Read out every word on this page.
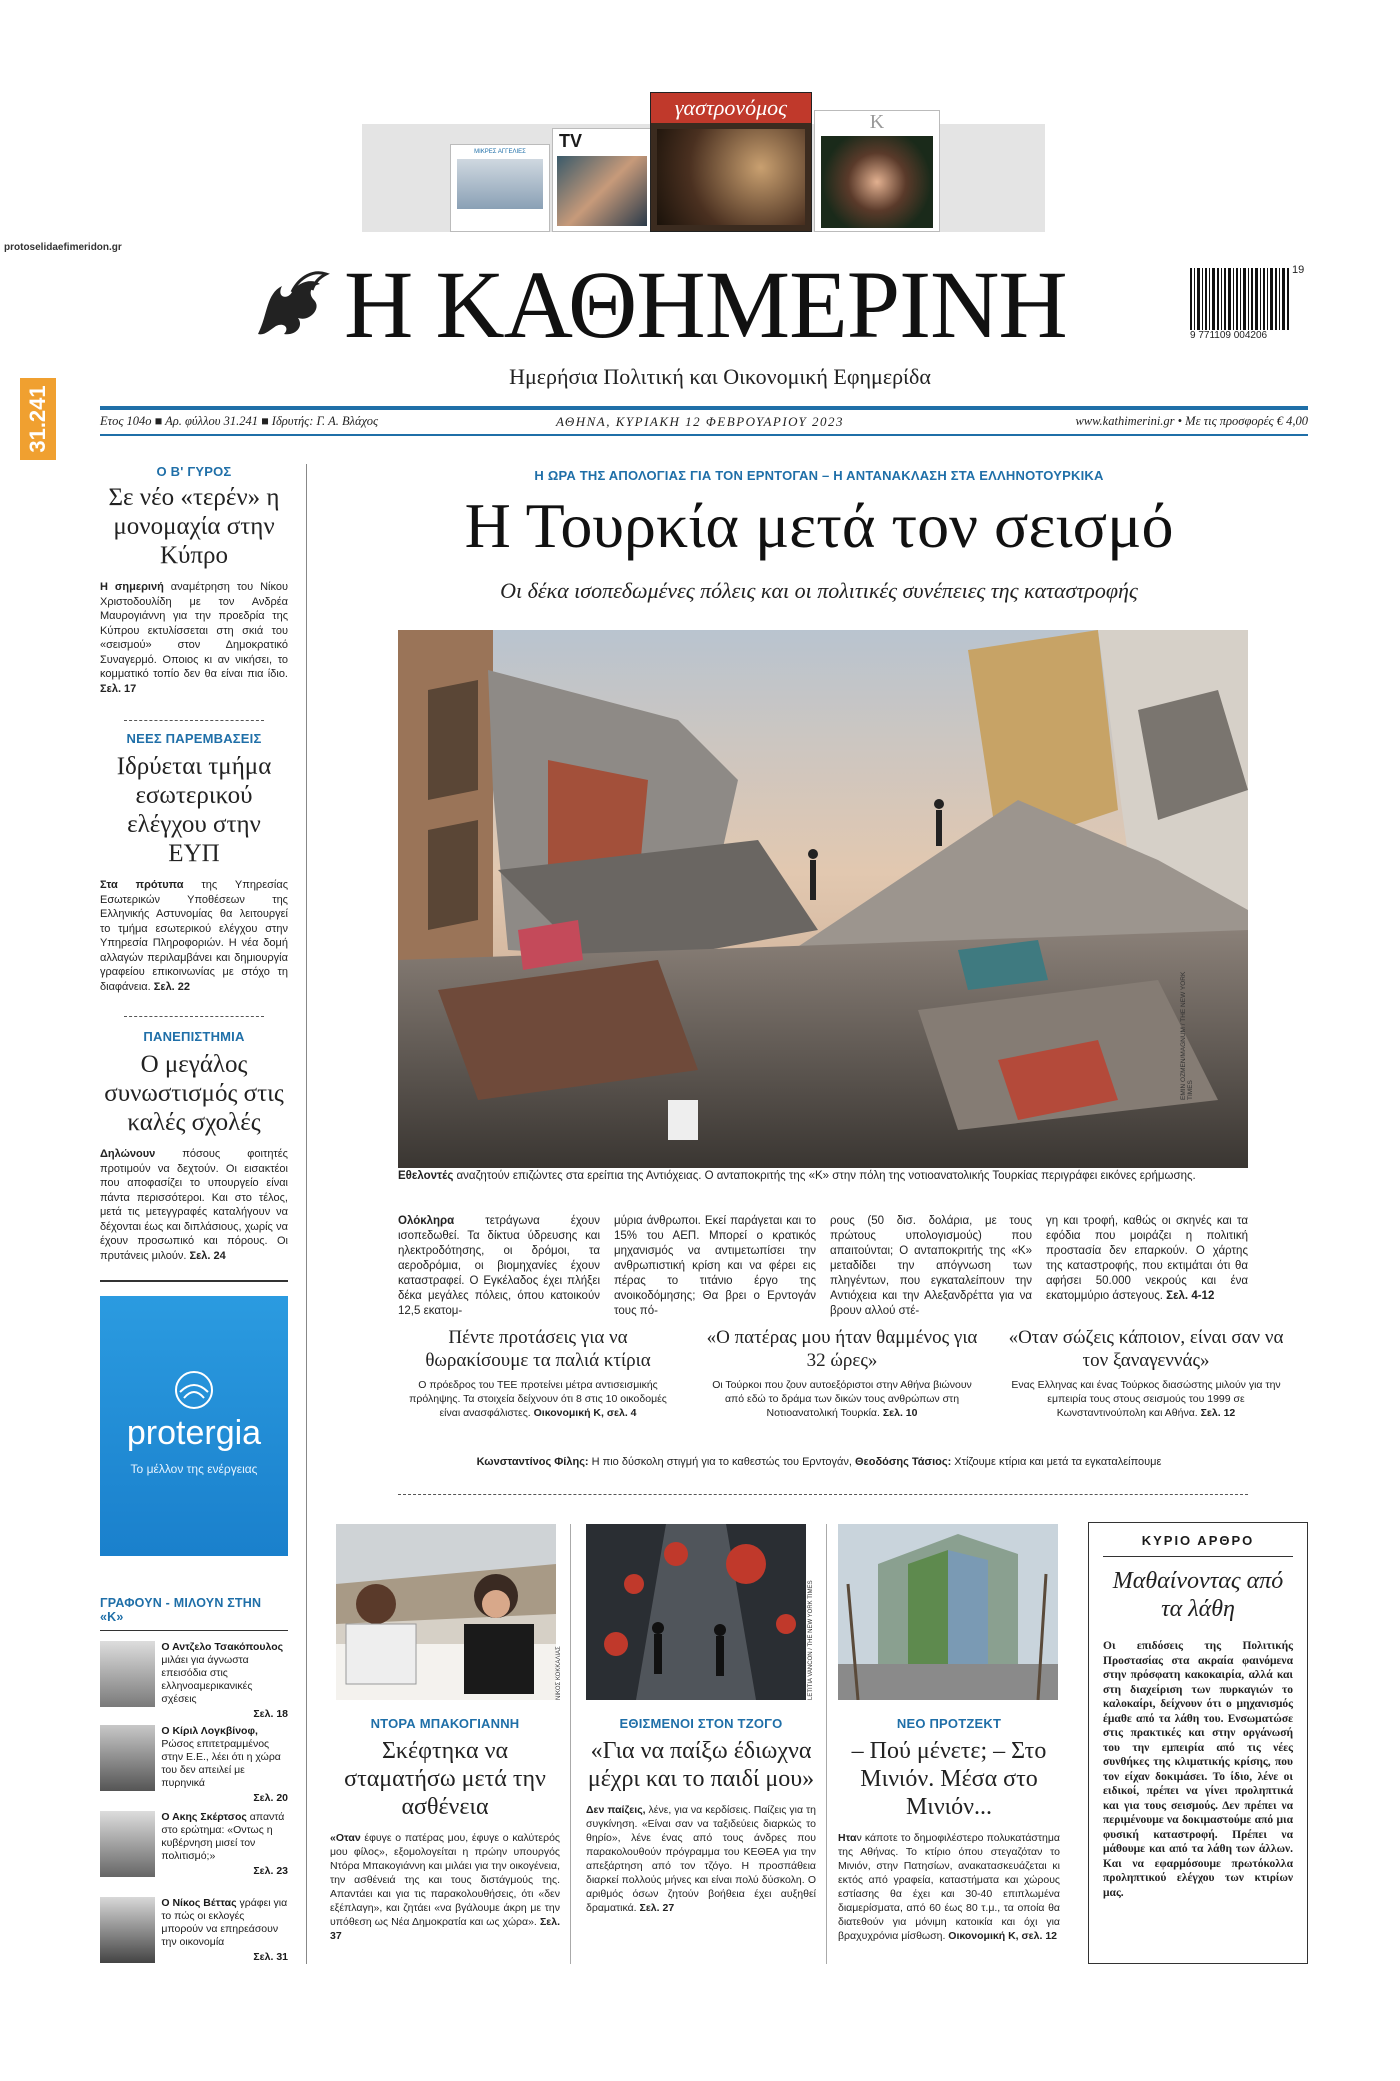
protoselidaefimeridon.gr
31.241
ΜΙΚΡΕΣ ΑΓΓΕΛΙΕΣ
TV
γαστρονόμος
Κ
Η ΚΑΘΗΜΕΡΙΝΗ
Ημερήσια Πολιτική και Οικονομική Εφημερίδα
9 771109 004206
19
Ετος 104ο ■ Αρ. φύλλου 31.241 ■ Ιδρυτής: Γ. Α. Βλάχος	ΑΘΗΝΑ, ΚΥΡΙΑΚΗ 12 ΦΕΒΡΟΥΑΡΙΟΥ 2023	www.kathimerini.gr • Με τις προσφορές € 4,00
Ο Β' ΓΥΡΟΣ
Σε νέο «τερέν» η μονομαχία στην Κύπρο
Η σημερινή αναμέτρηση του Νίκου Χριστοδουλίδη με τον Ανδρέα Μαυρογιάννη για την προεδρία της Κύπρου εκτυλίσσεται στη σκιά του «σεισμού» στον Δημοκρατικό Συναγερμό. Οποιος κι αν νικήσει, το κομματικό τοπίο δεν θα είναι πια ίδιο. Σελ. 17
ΝΕΕΣ ΠΑΡΕΜΒΑΣΕΙΣ
Ιδρύεται τμήμα εσωτερικού ελέγχου στην ΕΥΠ
Στα πρότυπα της Υπηρεσίας Εσωτερικών Υποθέσεων της Ελληνικής Αστυνομίας θα λειτουργεί το τμήμα εσωτερικού ελέγχου στην Υπηρεσία Πληροφοριών. Η νέα δομή αλλαγών περιλαμβάνει και δημιουργία γραφείου επικοινωνίας με στόχο τη διαφάνεια. Σελ. 22
ΠΑΝΕΠΙΣΤΗΜΙΑ
Ο μεγάλος συνωστισμός στις καλές σχολές
Δηλώνουν πόσους φοιτητές προτιμούν να δεχτούν. Οι εισακτέοι που αποφασίζει το υπουργείο είναι πάντα περισσότεροι. Και στο τέλος, μετά τις μετεγγραφές καταλήγουν να δέχονται έως και διπλάσιους, χωρίς να έχουν προσωπικό και πόρους. Οι πρυτάνεις μιλούν. Σελ. 24
protergia
Το μέλλον της ενέργειας
ΓΡΑΦΟΥΝ - ΜΙΛΟΥΝ ΣΤΗΝ «Κ»
Ο Αντζελο Τσακόπουλος μιλάει για άγνωστα επεισόδια στις ελληνοαμερικανικές σχέσεις
Σελ. 18
Ο Κίριλ Λογκβίνοφ, Ρώσος επιτετραμμένος στην Ε.Ε., λέει ότι η χώρα του δεν απειλεί με πυρηνικά
Σελ. 20
Ο Ακης Σκέρτσος απαντά στο ερώτημα: «Οντως η κυβέρνηση μισεί τον πολιτισμό;»
Σελ. 23
Ο Νίκος Βέττας γράφει για το πώς οι εκλογές μπορούν να επηρεάσουν την οικονομία
Σελ. 31
Η ΩΡΑ ΤΗΣ ΑΠΟΛΟΓΙΑΣ ΓΙΑ ΤΟΝ ΕΡΝΤΟΓΑΝ – Η ΑΝΤΑΝΑΚΛΑΣΗ ΣΤΑ ΕΛΛΗΝΟΤΟΥΡΚΙΚΑ
Η Τουρκία μετά τον σεισμό
Οι δέκα ισοπεδωμένες πόλεις και οι πολιτικές συνέπειες της καταστροφής
EMIN OZMEN/MAGNUM / THE NEW YORK TIMES
Εθελοντές αναζητούν επιζώντες στα ερείπια της Αντιόχειας. Ο ανταποκριτής της «Κ» στην πόλη της νοτιοανατολικής Τουρκίας περιγράφει εικόνες ερήμωσης.
Ολόκληρα τετράγωνα έχουν ισοπεδωθεί. Τα δίκτυα ύδρευσης και ηλεκτροδότησης, οι δρόμοι, τα αεροδρόμια, οι βιομηχανίες έχουν καταστραφεί. Ο Εγκέλαδος έχει πλήξει δέκα μεγάλες πόλεις, όπου κατοικούν 12,5 εκατομ-
μύρια άνθρωποι. Εκεί παράγεται και το 15% του ΑΕΠ. Μπορεί ο κρατικός μηχανισμός να αντιμετωπίσει την ανθρωπιστική κρίση και να φέρει εις πέρας το τιτάνιο έργο της ανοικοδόμησης; Θα βρει ο Ερντογάν τους πό-
ρους (50 δισ. δολάρια, με τους πρώτους υπολογισμούς) που απαιτούνται; Ο ανταποκριτής της «Κ» μεταδίδει την απόγνωση των πληγέντων, που εγκαταλείπουν την Αντιόχεια και την Αλεξανδρέττα για να βρουν αλλού στέ-
γη και τροφή, καθώς οι σκηνές και τα εφόδια που μοιράζει η πολιτική προστασία δεν επαρκούν. Ο χάρτης της καταστροφής, που εκτιμάται ότι θα αφήσει 50.000 νεκρούς και ένα εκατομμύριο άστεγους. Σελ. 4-12
Πέντε προτάσεις για να θωρακίσουμε τα παλιά κτίρια
Ο πρόεδρος του ΤΕΕ προτείνει μέτρα αντισεισμικής πρόληψης. Τα στοιχεία δείχνουν ότι 8 στις 10 οικοδομές είναι ανασφάλιστες. Οικονομική Κ, σελ. 4
«Ο πατέρας μου ήταν θαμμένος για 32 ώρες»
Οι Τούρκοι που ζουν αυτοεξόριστοι στην Αθήνα βιώνουν από εδώ το δράμα των δικών τους ανθρώπων στη Νοτιοανατολική Τουρκία. Σελ. 10
«Οταν σώζεις κάποιον, είναι σαν να τον ξαναγεννάς»
Ενας Ελληνας και ένας Τούρκος διασώστης μιλούν για την εμπειρία τους στους σεισμούς του 1999 σε Κωνσταντινούπολη και Αθήνα. Σελ. 12
Κωνσταντίνος Φίλης: Η πιο δύσκολη στιγμή για το καθεστώς του Ερντογάν, Θεοδόσης Τάσιος: Χτίζουμε κτίρια και μετά τα εγκαταλείπουμε
ΝΙΚΟΣ ΚΟΚΚΑΛΙΑΣ
ΝΤΟΡΑ ΜΠΑΚΟΓΙΑΝΝΗ
Σκέφτηκα να σταματήσω μετά την ασθένεια
«Οταν έφυγε ο πατέρας μου, έφυγε ο καλύτερός μου φίλος», εξομολογείται η πρώην υπουργός Ντόρα Μπακογιάννη και μιλάει για την οικογένεια, την ασθένειά της και τους διστάγμούς της. Απαντάει και για τις παρακολουθήσεις, ότι «δεν εξέπλαγη», και ζητάει «να βγάλουμε άκρη με την υπόθεση ως Νέα Δημοκρατία και ως χώρα». Σελ. 37
LETITIA VANCON / THE NEW YORK TIMES
ΕΘΙΣΜΕΝΟΙ ΣΤΟΝ ΤΖΟΓΟ
«Για να παίξω έδιωχνα μέχρι και το παιδί μου»
Δεν παίζεις, λένε, για να κερδίσεις. Παίζεις για τη συγκίνηση. «Είναι σαν να ταξιδεύεις διαρκώς το θηρίο», λένε ένας από τους άνδρες που παρακολουθούν πρόγραμμα του ΚΕΘΕΑ για την απεξάρτηση από τον τζόγο. Η προσπάθεια διαρκεί πολλούς μήνες και είναι πολύ δύσκολη. Ο αριθμός όσων ζητούν βοήθεια έχει αυξηθεί δραματικά. Σελ. 27
ΝΕΟ ΠΡΟΤΖΕΚΤ
– Πού μένετε; – Στο Μινιόν. Μέσα στο Μινιόν...
Ηταν κάποτε το δημοφιλέστερο πολυκατάστημα της Αθήνας. Το κτίριο όπου στεγαζόταν το Μινιόν, στην Πατησίων, ανακατασκευάζεται κι εκτός από γραφεία, καταστήματα και χώρους εστίασης θα έχει και 30-40 επιπλωμένα διαμερίσματα, από 60 έως 80 τ.μ., τα οποία θα διατεθούν για μόνιμη κατοικία και όχι για βραχυχρόνια μίσθωση. Οικονομική Κ, σελ. 12
ΚΥΡΙΟ ΑΡΘΡΟ
Μαθαίνοντας από τα λάθη
Οι επιδόσεις της Πολιτικής Προστασίας στα ακραία φαινόμενα στην πρόσφατη κακοκαιρία, αλλά και στη διαχείριση των πυρκαγιών το καλοκαίρι, δείχνουν ότι ο μηχανισμός έμαθε από τα λάθη του. Ενσωματώσε στις πρακτικές και στην οργάνωσή του την εμπειρία από τις νέες συνθήκες της κλιματικής κρίσης, που τον είχαν δοκιμάσει. Το ίδιο, λένε οι ειδικοί, πρέπει να γίνει προληπτικά και για τους σεισμούς. Δεν πρέπει να περιμένουμε να δοκιμαστούμε από μια φυσική καταστροφή. Πρέπει να μάθουμε και από τα λάθη των άλλων. Και να εφαρμόσουμε πρωτόκολλα προληπτικού ελέγχου των κτιρίων μας.
